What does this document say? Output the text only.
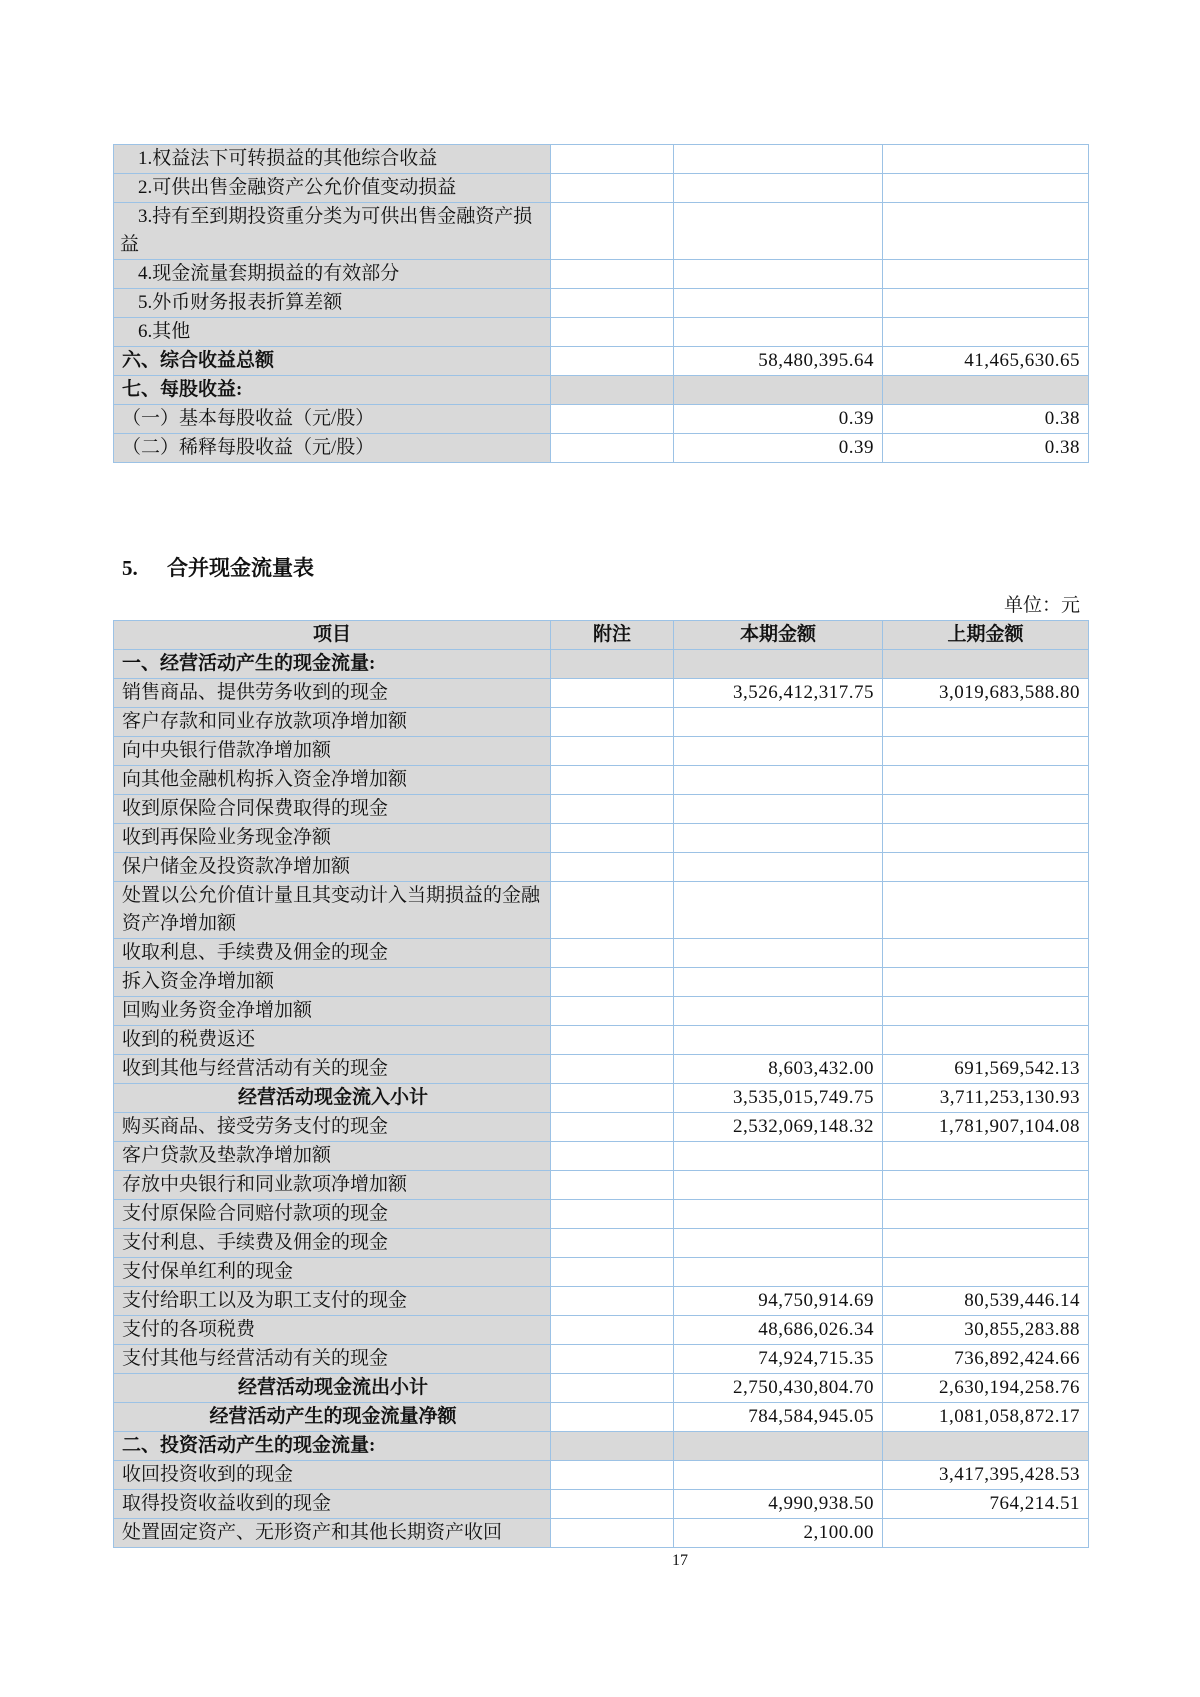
1.权益法下可转损益的其他综合收益			
2.可供出售金融资产公允价值变动损益			
3.持有至到期投资重分类为可供出售金融资产损益			
4.现金流量套期损益的有效部分			
5.外币财务报表折算差额			
6.其他			
六、综合收益总额		58,480,395.64	41,465,630.65
七、每股收益:			
（一）基本每股收益（元/股）		0.39	0.38
（二）稀释每股收益（元/股）		0.39	0.38
5. 合并现金流量表
单位：元
项目	附注	本期金额	上期金额
一、经营活动产生的现金流量:			
销售商品、提供劳务收到的现金		3,526,412,317.75	3,019,683,588.80
客户存款和同业存放款项净增加额			
向中央银行借款净增加额			
向其他金融机构拆入资金净增加额			
收到原保险合同保费取得的现金			
收到再保险业务现金净额			
保户储金及投资款净增加额			
处置以公允价值计量且其变动计入当期损益的金融资产净增加额			
收取利息、手续费及佣金的现金			
拆入资金净增加额			
回购业务资金净增加额			
收到的税费返还			
收到其他与经营活动有关的现金		8,603,432.00	691,569,542.13
经营活动现金流入小计		3,535,015,749.75	3,711,253,130.93
购买商品、接受劳务支付的现金		2,532,069,148.32	1,781,907,104.08
客户贷款及垫款净增加额			
存放中央银行和同业款项净增加额			
支付原保险合同赔付款项的现金			
支付利息、手续费及佣金的现金			
支付保单红利的现金			
支付给职工以及为职工支付的现金		94,750,914.69	80,539,446.14
支付的各项税费		48,686,026.34	30,855,283.88
支付其他与经营活动有关的现金		74,924,715.35	736,892,424.66
经营活动现金流出小计		2,750,430,804.70	2,630,194,258.76
经营活动产生的现金流量净额		784,584,945.05	1,081,058,872.17
二、投资活动产生的现金流量:			
收回投资收到的现金			3,417,395,428.53
取得投资收益收到的现金		4,990,938.50	764,214.51
处置固定资产、无形资产和其他长期资产收回		2,100.00	
17
